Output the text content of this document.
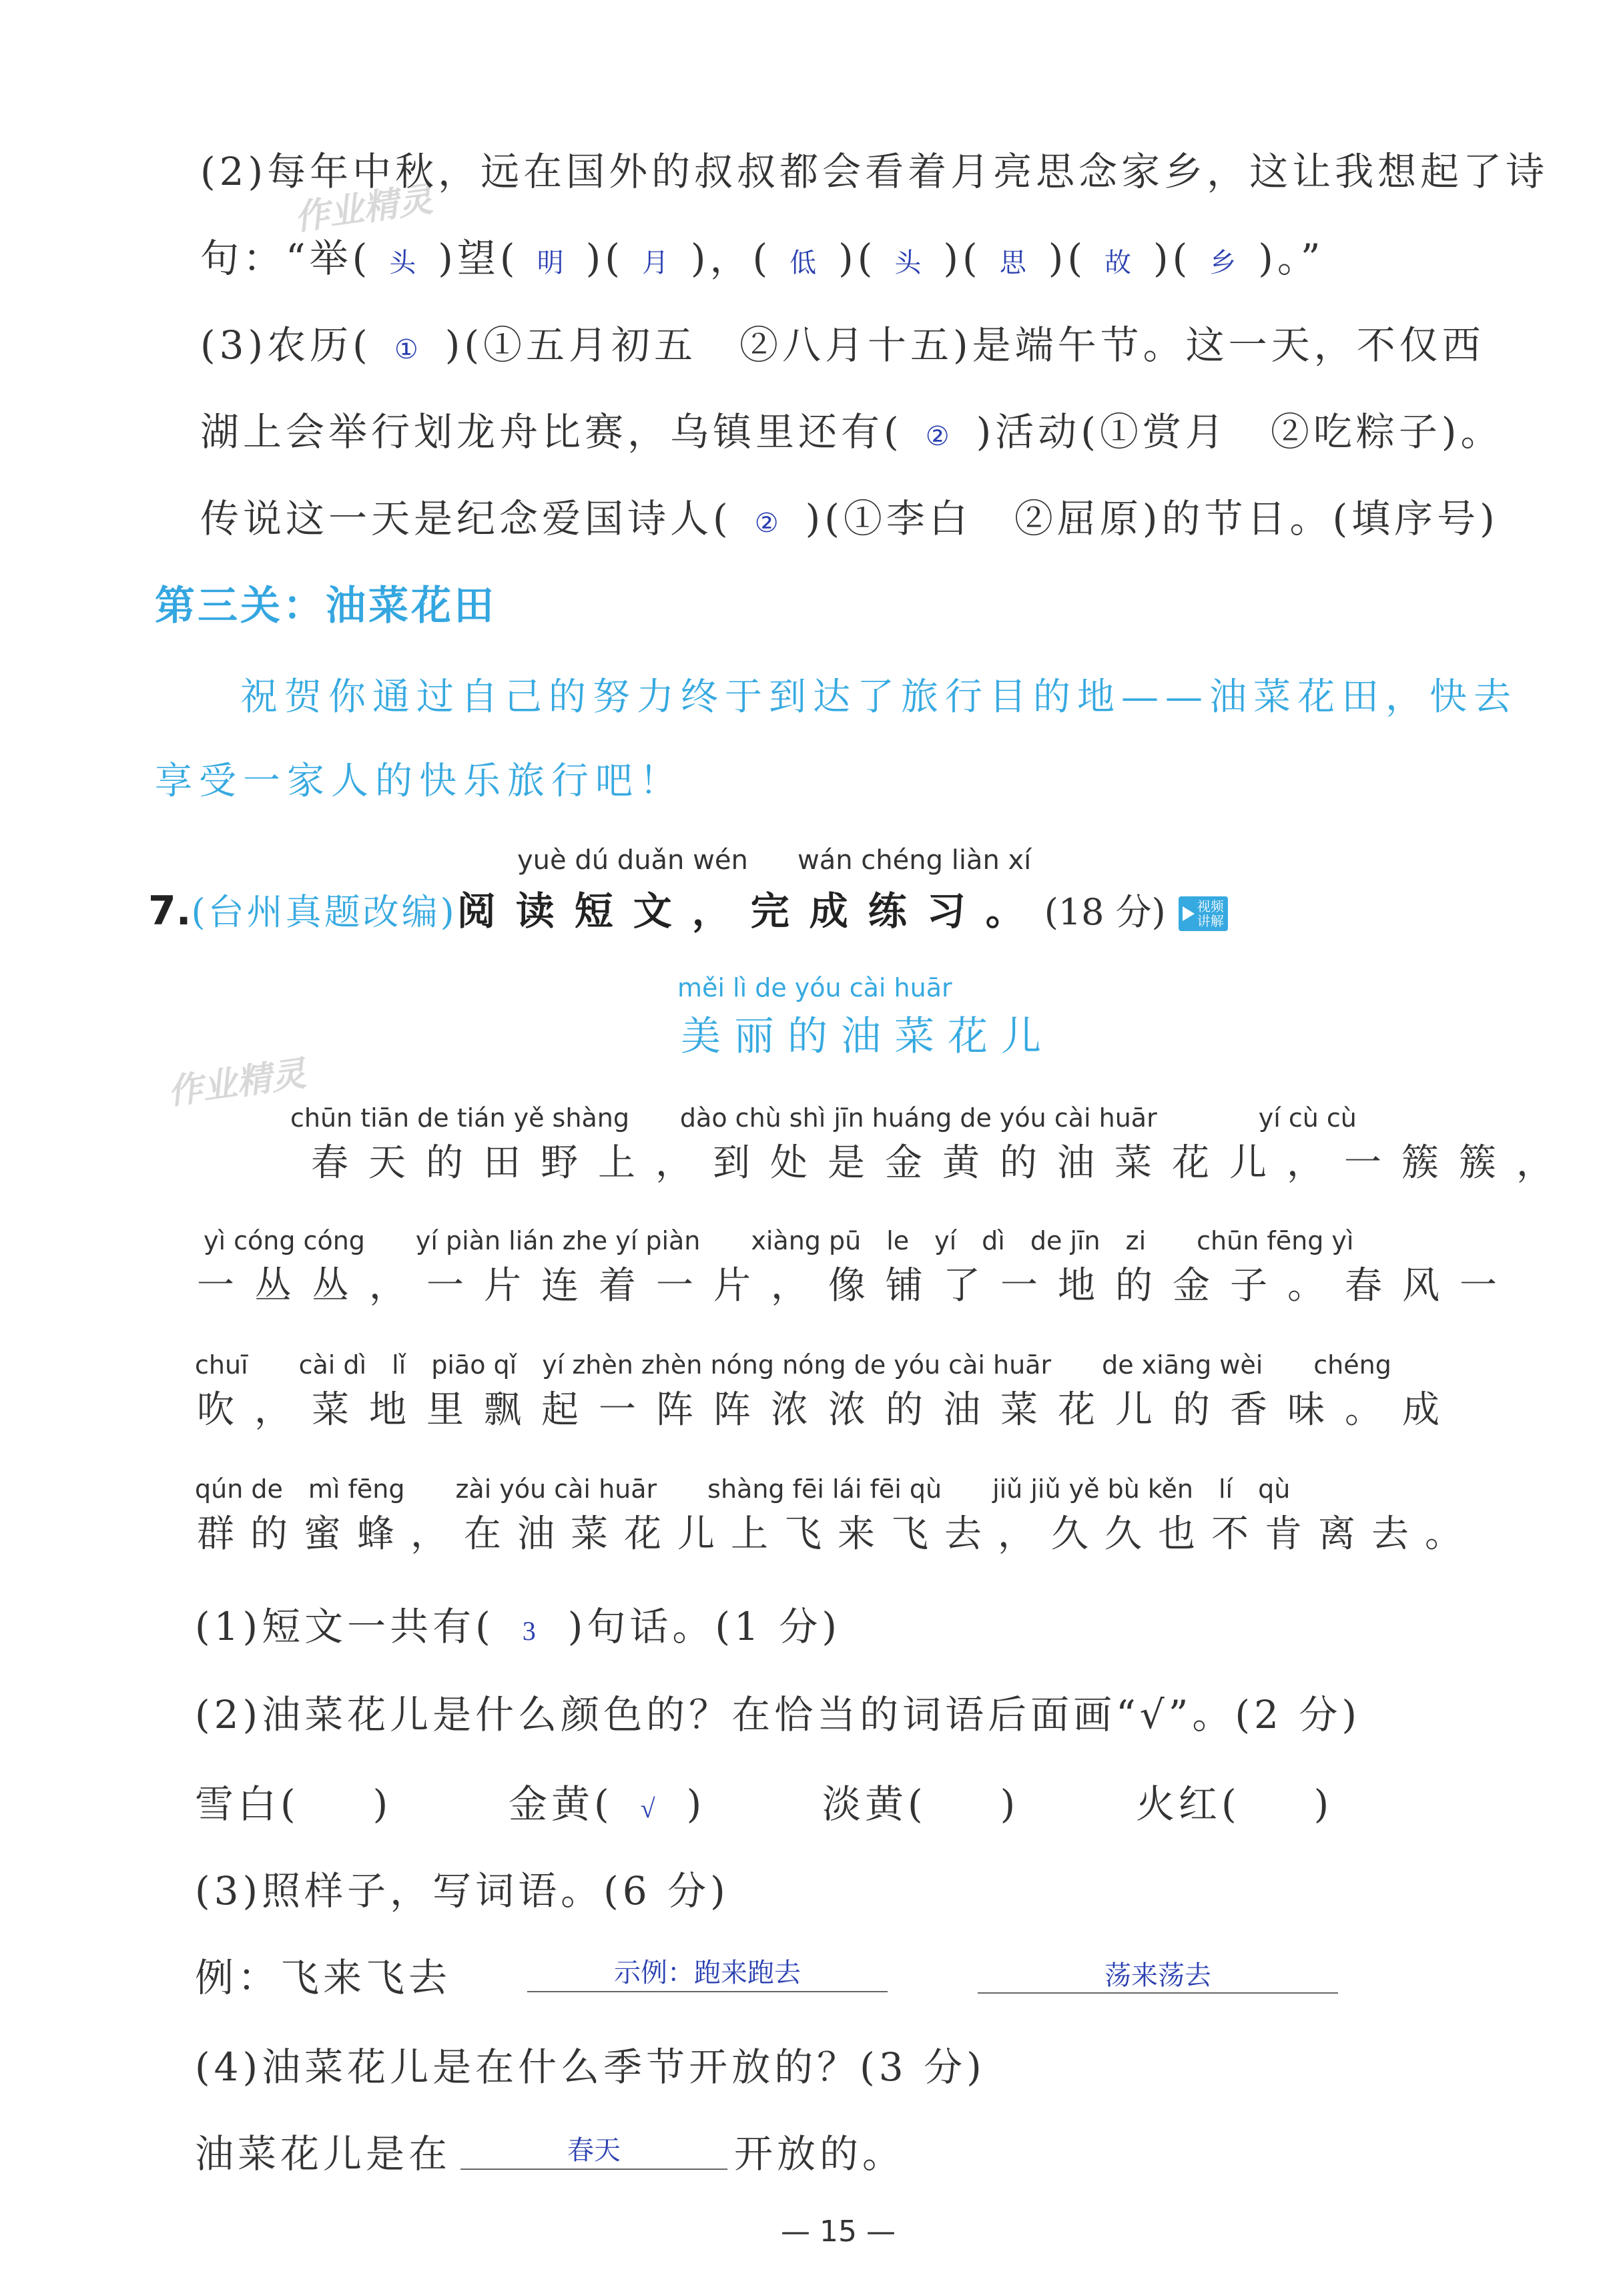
作业精灵
作业精灵
(2)每年中秋，远在国外的叔叔都会看着月亮思念家乡，这让我想起了诗
句：“举( 头 )望( 明 )( 月 )，( 低 )( 头 )( 思 )( 故 )( 乡 )。”
(3)农历( ① )(①五月初五　②八月十五)是端午节。这一天，不仅西
湖上会举行划龙舟比赛，乌镇里还有( ② )活动(①赏月　②吃粽子)。
传说这一天是纪念爱国诗人( ② )(①李白　②屈原)的节日。(填序号)
第三关：油菜花田
祝贺你通过自己的努力终于到达了旅行目的地——油菜花田，快去
享受一家人的快乐旅行吧！
yuè dú duǎn wén wán chéng liàn xí
7.(台州真题改编)阅读短文，完成练习。(18 分) 视频
讲解
měi lì de yóu cài huār
美丽的油菜花儿
chūn tiān de tián yě shàng　　dào chù shì jīn huáng de yóu cài huār　　　　yí cù cù
　春天的田野上，到处是金黄的油菜花儿，一簇簇，
yì cóng cóng　　yí piàn lián zhe yí piàn　　xiàng pū　le　yí　dì　de jīn　zi　　chūn fēng yì
一丛丛，一片连着一片，像铺了一地的金子。春风一
chuī　　cài dì　lǐ　piāo qǐ　yí zhèn zhèn nóng nóng de yóu cài huār　　de xiāng wèi　　chéng
吹，菜地里飘起一阵阵浓浓的油菜花儿的香味。成
qún de　mì fēng　　zài yóu cài huār　　shàng fēi lái fēi qù　　jiǔ jiǔ yě bù kěn　lí　qù
群的蜜蜂，在油菜花儿上飞来飞去，久久也不肯离去。
(1)短文一共有( 3 )句话。(1 分)
(2)油菜花儿是什么颜色的？在恰当的词语后面画“√”。(2 分)
雪白( )	金黄( √ )	淡黄( )	火红( )
(3)照样子，写词语。(6 分)
例：飞来飞去	示例：跑来跑去	荡来荡去
(4)油菜花儿是在什么季节开放的？(3 分)
油菜花儿是在	春天	开放的。
— 15 —
